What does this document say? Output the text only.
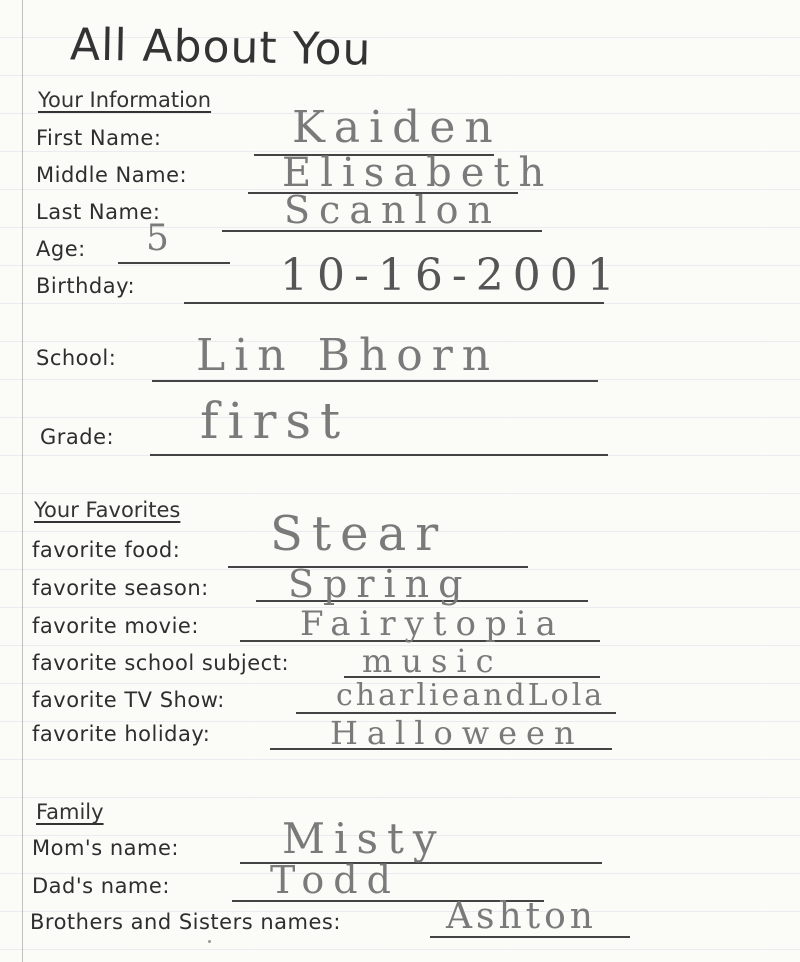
All About You
Your Information
First Name:	Kaiden
Middle Name: Elisabeth
Last Name:	Scanlon
Age: 5
Birthday:	10-16-2001
School: Lin Bhorn
Grade: first
Your Favorites
favorite food: Stear
favorite season: Spring
favorite movie:	Fairytopia
favorite school subject: music
favorite TV Show:	charlieandLola
favorite holiday:	Halloween
Family
Mom's name: Misty
Dad's name:	Todd
Brothers and Sisters names:	Ashton
